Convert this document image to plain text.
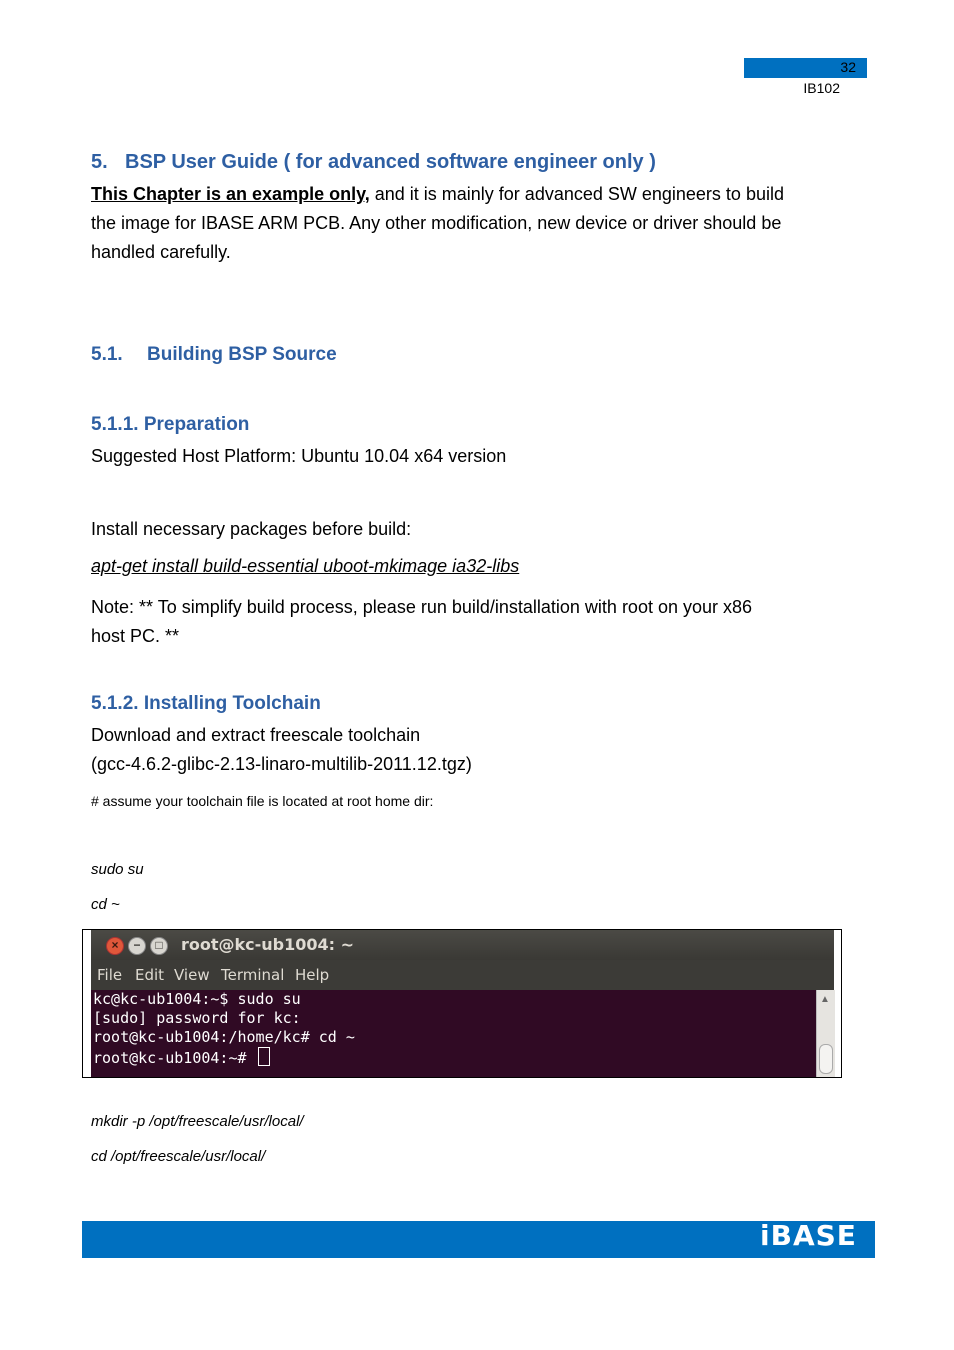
32
IB102
5. BSP User Guide ( for advanced software engineer only )
This Chapter is an example only, and it is mainly for advanced SW engineers to build
the image for IBASE ARM PCB. Any other modification, new device or driver should be
handled carefully.
5.1. Building BSP Source
5.1.1. Preparation
Suggested Host Platform: Ubuntu 10.04 x64 version
Install necessary packages before build:
apt-get install build-essential uboot-mkimage ia32-libs
Note: ** To simplify build process, please run build/installation with root on your x86
host PC. **
5.1.2. Installing Toolchain
Download and extract freescale toolchain
(gcc-4.6.2-glibc-2.13-linaro-multilib-2011.12.tgz)
# assume your toolchain file is located at root home dir:
sudo su
cd ~
×	−	□ root@kc-ub1004: ~
File Edit View Terminal Help
kc@kc-ub1004:~$ sudo su
[sudo] password for kc:
root@kc-ub1004:/home/kc# cd ~
root@kc-ub1004:~#
▲
mkdir -p /opt/freescale/usr/local/
cd /opt/freescale/usr/local/
iBASE
